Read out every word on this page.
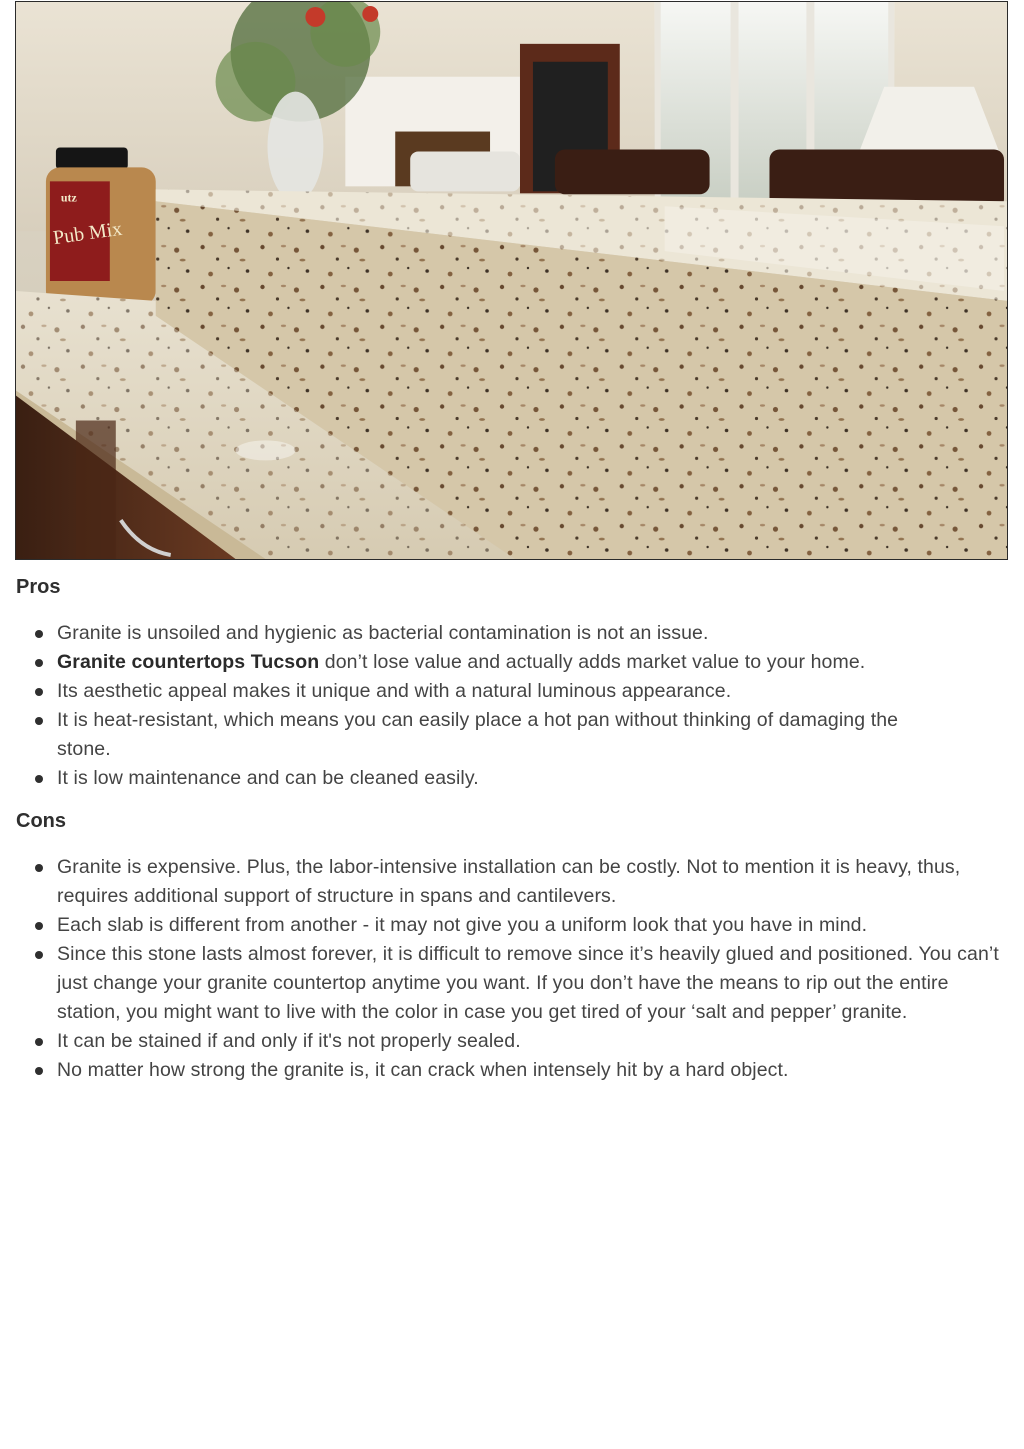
utz
Pub Mix
Pros
Granite is unsoiled and hygienic as bacterial contamination is not an issue.
Granite countertops Tucson don’t lose value and actually adds market value to your home.
Its aesthetic appeal makes it unique and with a natural luminous appearance.
It is heat-resistant, which means you can easily place a hot pan without thinking of damaging the stone.
It is low maintenance and can be cleaned easily.
Cons
Granite is expensive. Plus, the labor-intensive installation can be costly. Not to mention it is heavy, thus, requires additional support of structure in spans and cantilevers.
Each slab is different from another - it may not give you a uniform look that you have in mind.
Since this stone lasts almost forever, it is difficult to remove since it’s heavily glued and positioned. You can’t just change your granite countertop anytime you want. If you don’t have the means to rip out the entire station, you might want to live with the color in case you get tired of your ‘salt and pepper’ granite.
It can be stained if and only if it's not properly sealed.
No matter how strong the granite is, it can crack when intensely hit by a hard object.
